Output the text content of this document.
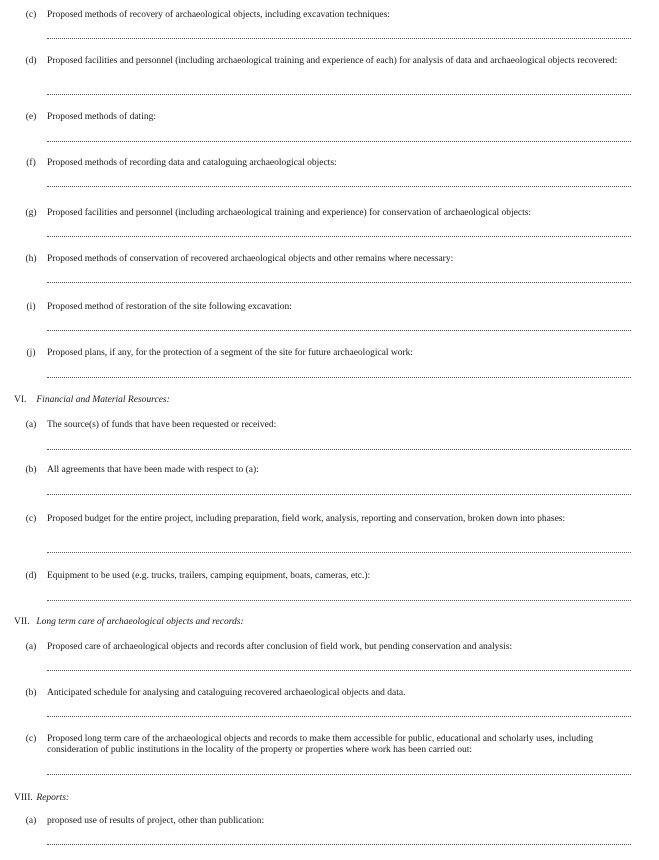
(c)	Proposed methods of recovery of archaeological objects, including excavation techniques:
(d)	Proposed facilities and personnel (including archaeological training and experience of each) for analysis of data and archaeological objects recovered:
(e)	Proposed methods of dating:
(f)	Proposed methods of recording data and cataloguing archaeological objects:
(g)	Proposed facilities and personnel (including archaeological training and experience) for conservation of archaeological objects:
(h)	Proposed methods of conservation of recovered archaeological objects and other remains where necessary:
(i)	Proposed method of restoration of the site following excavation:
(j)	Proposed plans, if any, for the protection of a segment of the site for future archaeological work:
VI. Financial and Material Resources:
(a)	The source(s) of funds that have been requested or received:
(b)	All agreements that have been made with respect to (a):
(c)	Proposed budget for the entire project, including preparation, field work, analysis, reporting and conservation, broken down into phases:
(d)	Equipment to be used (e.g. trucks, trailers, camping equipment, boats, cameras, etc.):
VII. Long term care of archaeological objects and records:
(a)	Proposed care of archaeological objects and records after conclusion of field work, but pending conservation and analysis:
(b)	Anticipated schedule for analysing and cataloguing recovered archaeological objects and data.
(c)	Proposed long term care of the archaeological objects and records to make them accessible for public, educational and scholarly uses, including consideration of public institutions in the locality of the property or properties where work has been carried out:
VIII. Reports:
(a)	proposed use of results of project, other than publication:
